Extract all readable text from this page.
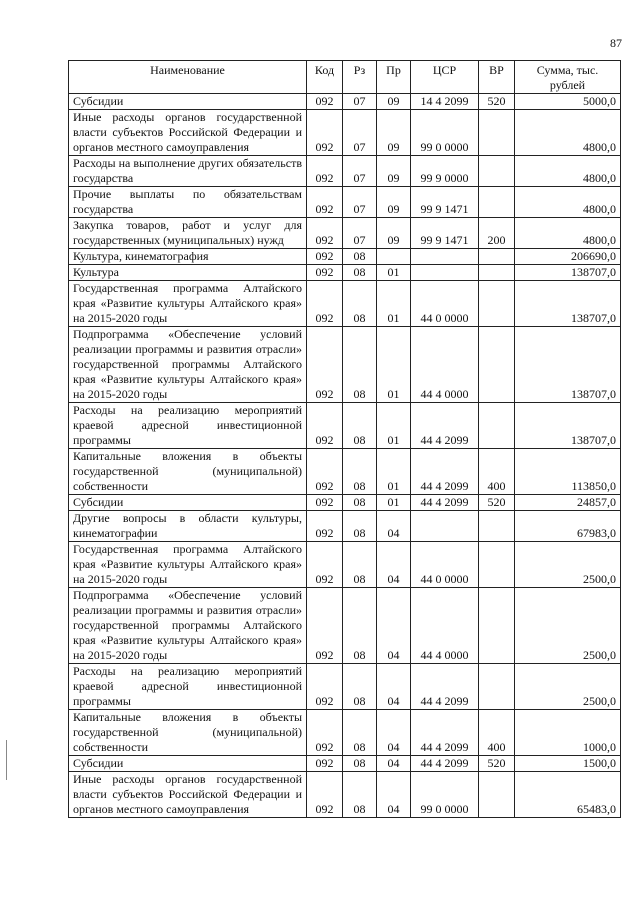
87
Наименование	Код	Рз	Пр	ЦСР	ВР	Сумма, тыс. рублей
Субсидии	092	07	09	14 4 2099	520	5000,0
Иные расходы органов государственной власти субъектов Российской Федерации и органов местного самоуправления	092	07	09	99 0 0000		4800,0
Расходы на выполнение других обязательств государства	092	07	09	99 9 0000		4800,0
Прочие выплаты по обязательствам государства	092	07	09	99 9 1471		4800,0
Закупка товаров, работ и услуг для государственных (муниципальных) нужд	092	07	09	99 9 1471	200	4800,0
Культура, кинематография	092	08				206690,0
Культура	092	08	01			138707,0
Государственная программа Алтайского края «Развитие культуры Алтайского края» на 2015-2020 годы	092	08	01	44 0 0000		138707,0
Подпрограмма «Обеспечение условий реализации программы и развития отрасли» государственной программы Алтайского края «Развитие культуры Алтайского края» на 2015-2020 годы	092	08	01	44 4 0000		138707,0
Расходы на реализацию мероприятий краевой адресной инвестиционной программы	092	08	01	44 4 2099		138707,0
Капитальные вложения в объекты государственной (муниципальной) собственности	092	08	01	44 4 2099	400	113850,0
Субсидии	092	08	01	44 4 2099	520	24857,0
Другие вопросы в области культуры, кинематографии	092	08	04			67983,0
Государственная программа Алтайского края «Развитие культуры Алтайского края» на 2015-2020 годы	092	08	04	44 0 0000		2500,0
Подпрограмма «Обеспечение условий реализации программы и развития отрасли» государственной программы Алтайского края «Развитие культуры Алтайского края» на 2015-2020 годы	092	08	04	44 4 0000		2500,0
Расходы на реализацию мероприятий краевой адресной инвестиционной программы	092	08	04	44 4 2099		2500,0
Капитальные вложения в объекты государственной (муниципальной) собственности	092	08	04	44 4 2099	400	1000,0
Субсидии	092	08	04	44 4 2099	520	1500,0
Иные расходы органов государственной власти субъектов Российской Федерации и органов местного самоуправления	092	08	04	99 0 0000		65483,0
